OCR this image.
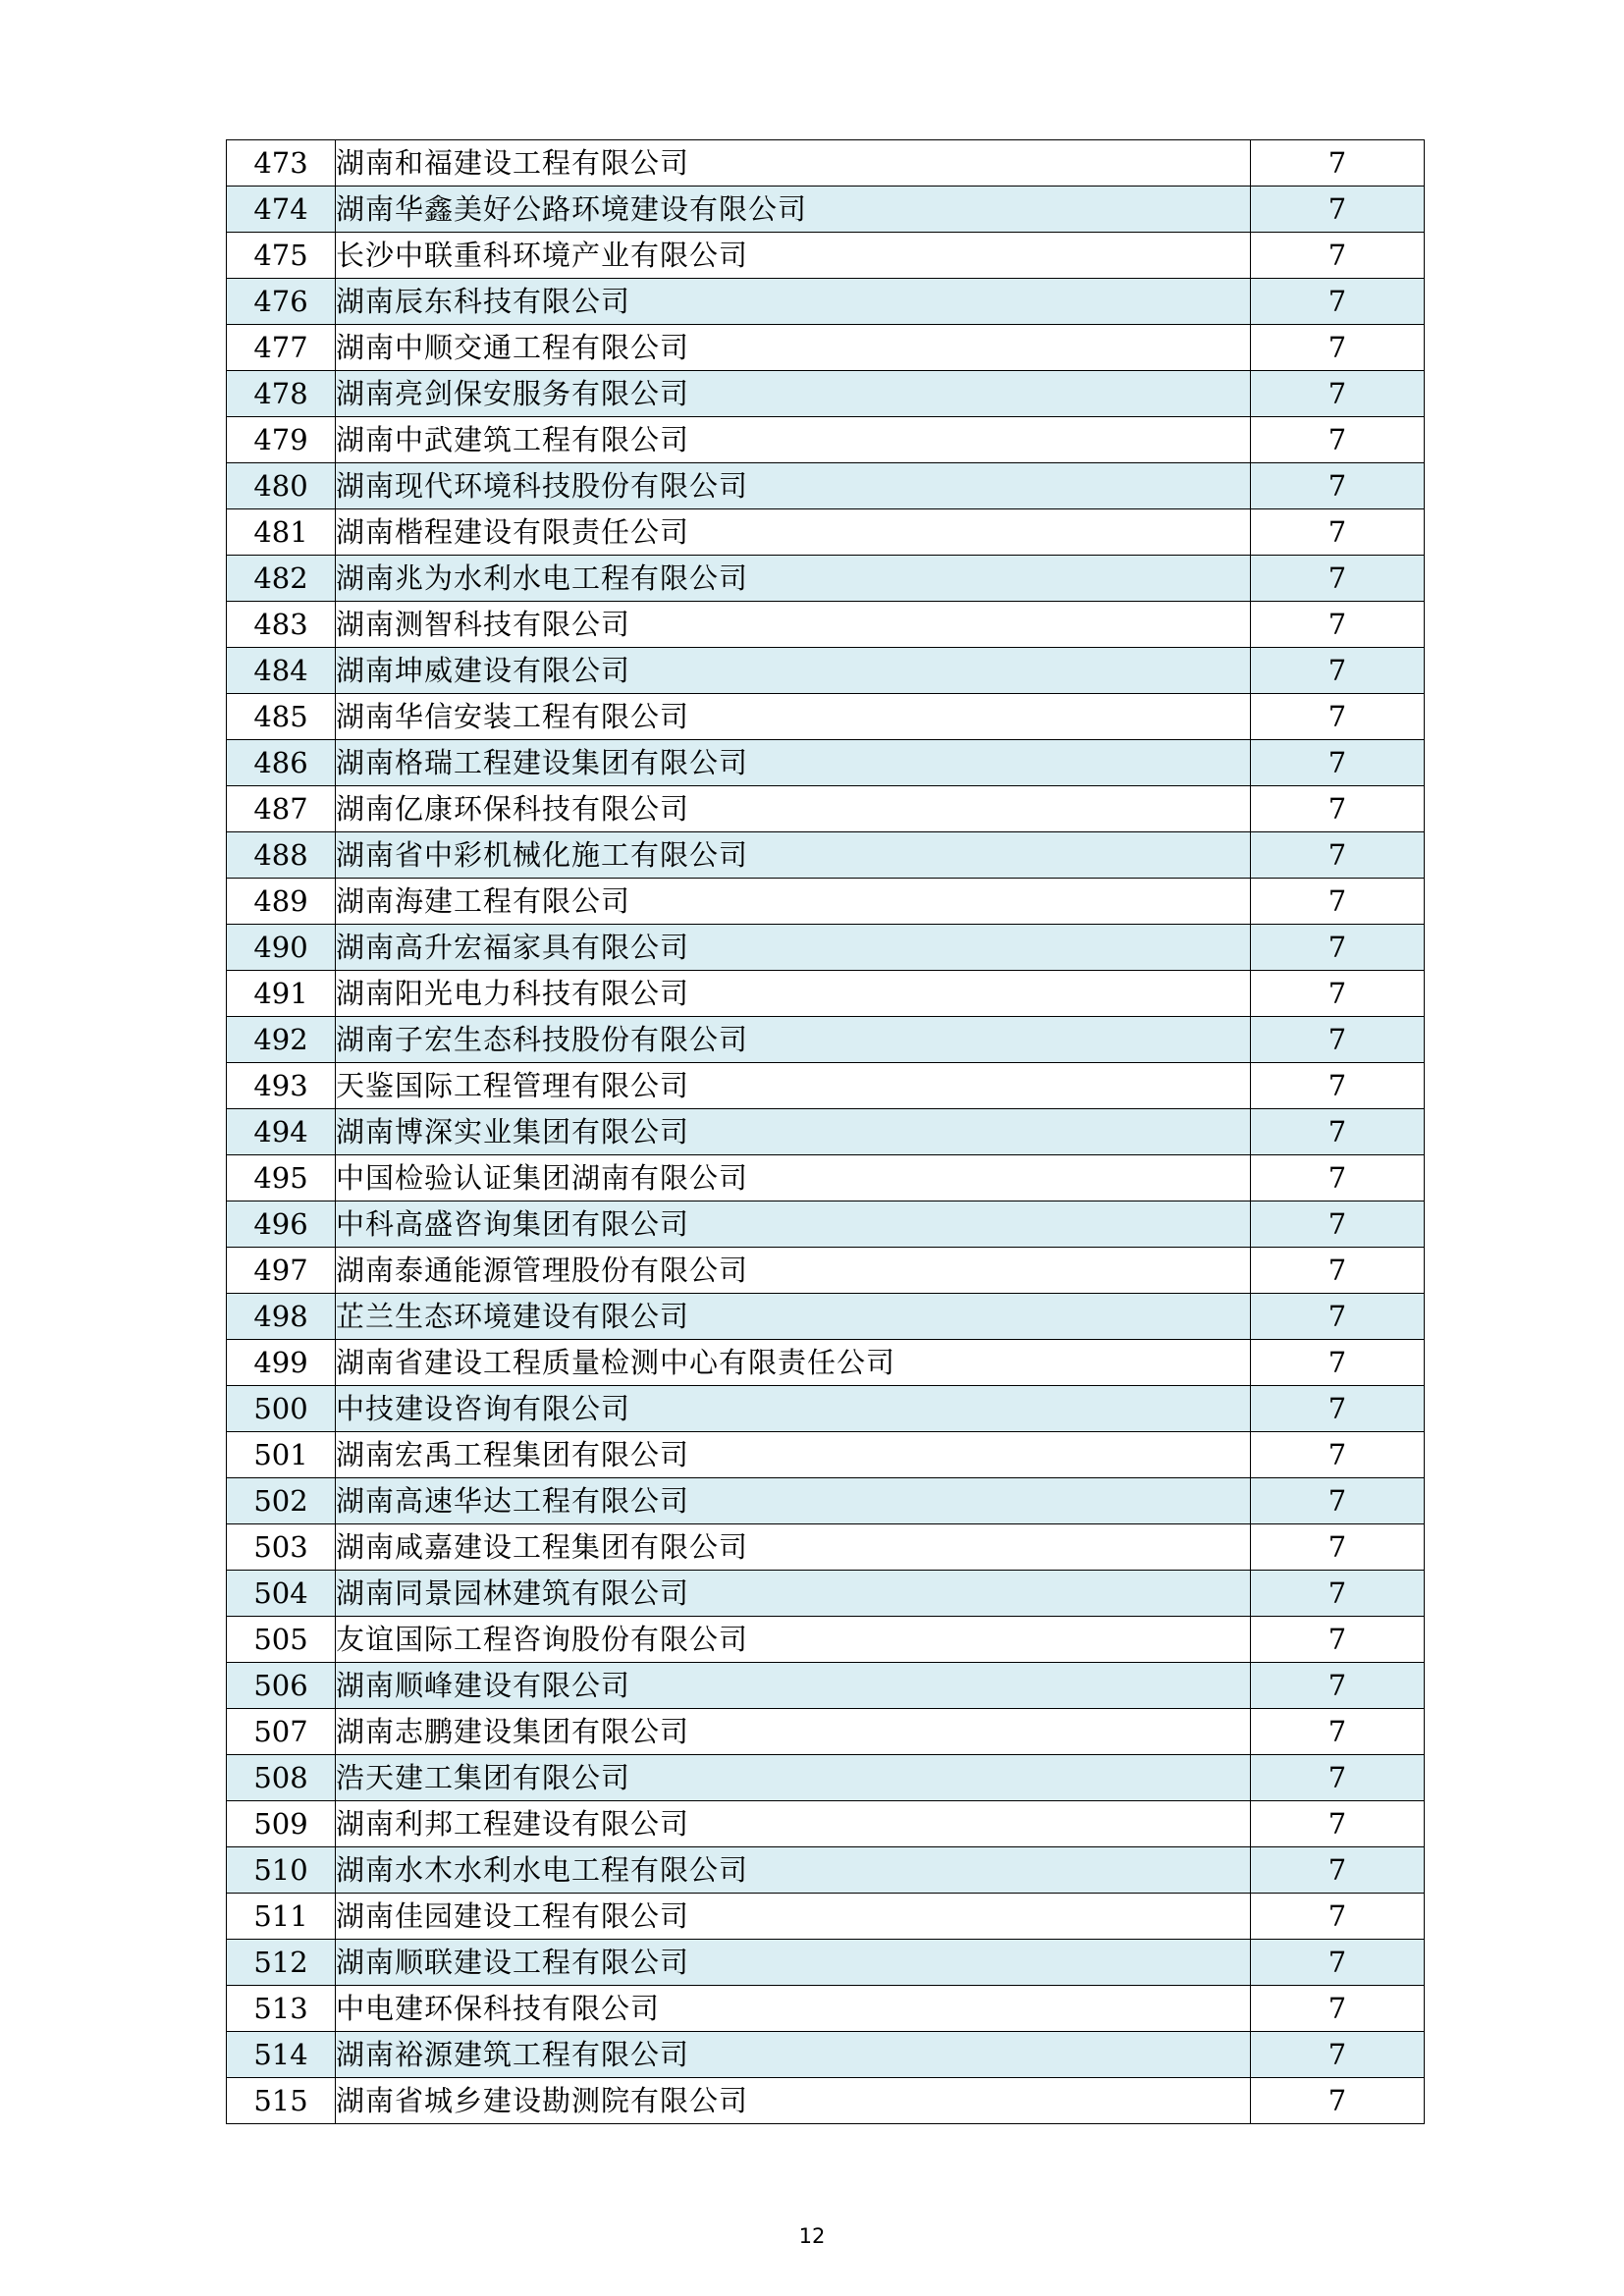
473	湖南和福建设工程有限公司	7
474	湖南华鑫美好公路环境建设有限公司	7
475	长沙中联重科环境产业有限公司	7
476	湖南辰东科技有限公司	7
477	湖南中顺交通工程有限公司	7
478	湖南亮剑保安服务有限公司	7
479	湖南中武建筑工程有限公司	7
480	湖南现代环境科技股份有限公司	7
481	湖南楷程建设有限责任公司	7
482	湖南兆为水利水电工程有限公司	7
483	湖南测智科技有限公司	7
484	湖南坤威建设有限公司	7
485	湖南华信安装工程有限公司	7
486	湖南格瑞工程建设集团有限公司	7
487	湖南亿康环保科技有限公司	7
488	湖南省中彩机械化施工有限公司	7
489	湖南海建工程有限公司	7
490	湖南高升宏福家具有限公司	7
491	湖南阳光电力科技有限公司	7
492	湖南子宏生态科技股份有限公司	7
493	天鉴国际工程管理有限公司	7
494	湖南博深实业集团有限公司	7
495	中国检验认证集团湖南有限公司	7
496	中科高盛咨询集团有限公司	7
497	湖南泰通能源管理股份有限公司	7
498	芷兰生态环境建设有限公司	7
499	湖南省建设工程质量检测中心有限责任公司	7
500	中技建设咨询有限公司	7
501	湖南宏禹工程集团有限公司	7
502	湖南高速华达工程有限公司	7
503	湖南咸嘉建设工程集团有限公司	7
504	湖南同景园林建筑有限公司	7
505	友谊国际工程咨询股份有限公司	7
506	湖南顺峰建设有限公司	7
507	湖南志鹏建设集团有限公司	7
508	浩天建工集团有限公司	7
509	湖南利邦工程建设有限公司	7
510	湖南水木水利水电工程有限公司	7
511	湖南佳园建设工程有限公司	7
512	湖南顺联建设工程有限公司	7
513	中电建环保科技有限公司	7
514	湖南裕源建筑工程有限公司	7
515	湖南省城乡建设勘测院有限公司	7
12
